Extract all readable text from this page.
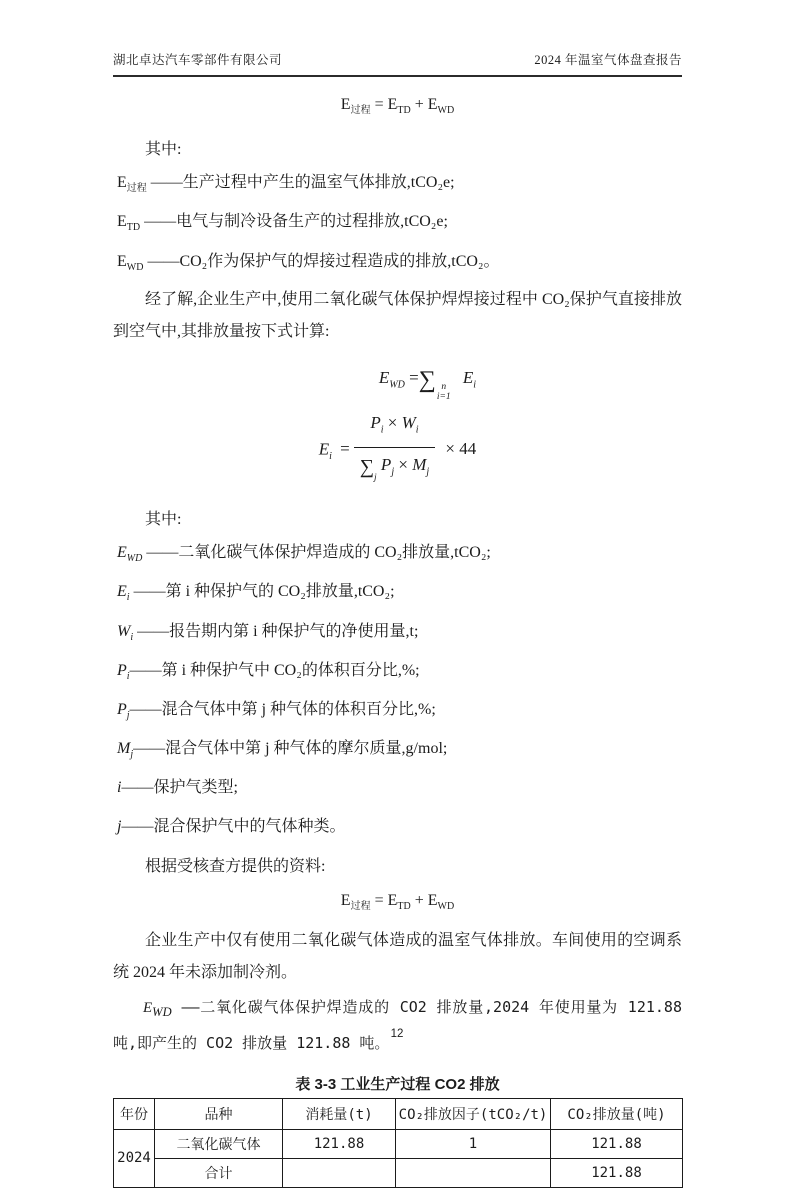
湖北卓达汽车零部件有限公司	2024 年温室气体盘查报告
$E_{过程} = E_{TD} + E_{WD}$

其中:

$E_{过程}$ ——生产过程中产生的温室气体排放,tCO₂e;

$E_{TD}$ ——电气与制冷设备生产的过程排放,tCO₂e;

$E_{WD}$ ——CO₂作为保护气的焊接过程造成的排放,tCO₂。

经了解,企业生产中,使用二氧化碳气体保护焊焊接过程中 CO₂保护气直接排放到空气中,其排放量按下式计算:

$E_{WD}$ =∑ n
i=1
$E_i$
$E_i = \frac{P_i \times W_i}{\sum j P_j \times M_j} \times 44$

其中:

$E_{WD}$ ——二氧化碳气体保护焊造成的 CO₂排放量,tCO₂;

$E_i$ ——第 i 种保护气的 CO₂排放量,tCO₂;

$W_i$ ——报告期内第 i 种保护气的净使用量,t;

$P_i——$第 i 种保护气中 CO₂的体积百分比,%;

$P_j——$混合气体中第 j 种气体的体积百分比,%;

$M_j——$混合气体中第 j 种气体的摩尔质量,g/mol;

i——保护气类型;

j——混合保护气中的气体种类。

根据受核查方提供的资料:

$E_{过程} = E_{TD} + E_{WD}$

企业生产中仅有使用二氧化碳气体造成的温室气体排放。车间使用的空调系统 2024 年未添加制冷剂。

$E_{WD}$ ——二氧化碳气体保护焊造成的 CO2 排放量,2024 年使用量为 121.88 吨,即产生的 CO2 排放量 121.88 吨。

表 3-3 工业生产过程 CO2 排放
年份	品种	消耗量(t)	CO₂排放因子(tCO₂/t)	CO₂排放量(吨)
2024	二氧化碳气体	121.88	1	121.88
	合计			121.88
12
